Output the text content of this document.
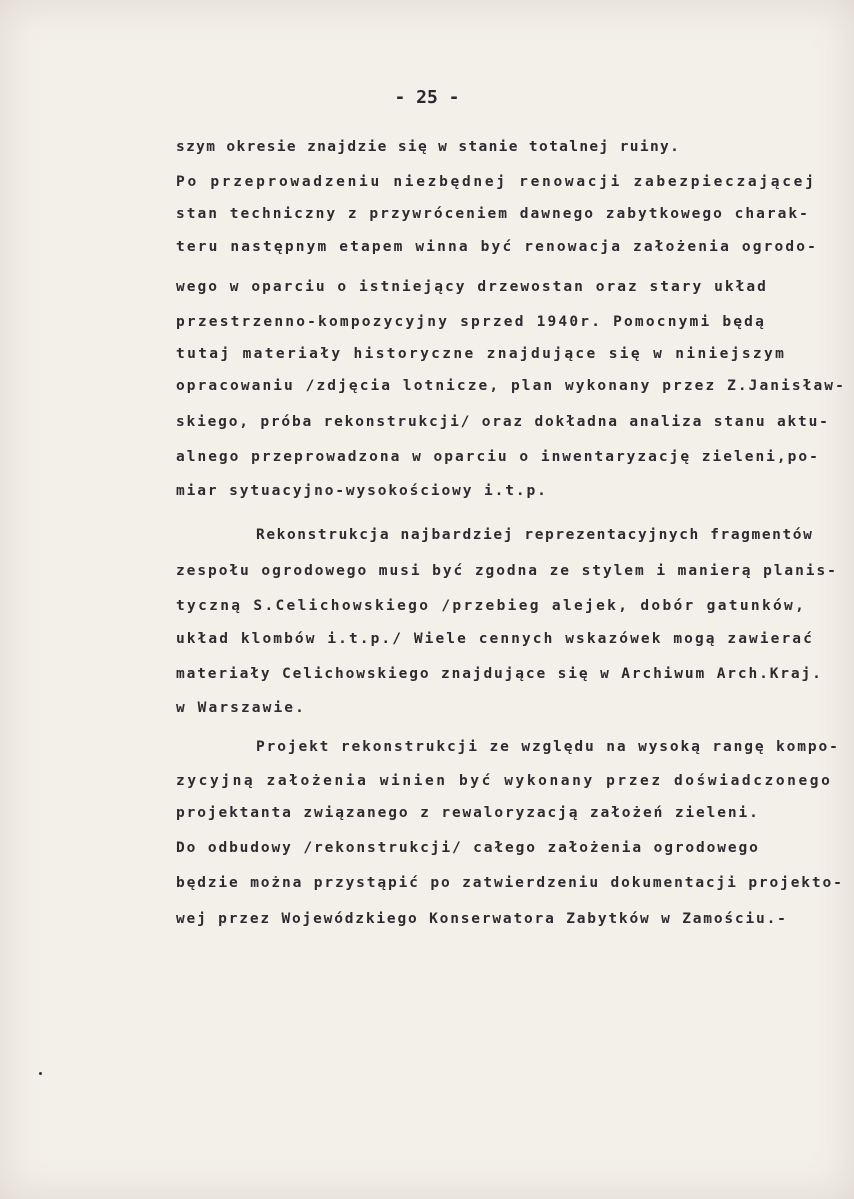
- 25 -
szym okresie znajdzie się w stanie totalnej ruiny.
Po przeprowadzeniu niezbędnej renowacji zabezpieczającej
stan techniczny z przywróceniem dawnego zabytkowego charak-
teru następnym etapem winna być renowacja założenia ogrodo-
wego w oparciu o istniejący drzewostan oraz stary układ
przestrzenno-kompozycyjny sprzed 1940r. Pomocnymi będą
tutaj materiały historyczne znajdujące się w niniejszym
opracowaniu /zdjęcia lotnicze, plan wykonany przez Z.Janisław-
skiego, próba rekonstrukcji/ oraz dokładna analiza stanu aktu-
alnego przeprowadzona w oparciu o inwentaryzację zieleni,po-
miar sytuacyjno-wysokościowy i.t.p.
Rekonstrukcja najbardziej reprezentacyjnych fragmentów
zespołu ogrodowego musi być zgodna ze stylem i manierą planis-
tyczną S.Celichowskiego /przebieg alejek, dobór gatunków,
układ klombów i.t.p./ Wiele cennych wskazówek mogą zawierać
materiały Celichowskiego znajdujące się w Archiwum Arch.Kraj.
w Warszawie.
Projekt rekonstrukcji ze względu na wysoką rangę kompo-
zycyjną założenia winien być wykonany przez doświadczonego
projektanta związanego z rewaloryzacją założeń zieleni.
Do odbudowy /rekonstrukcji/ całego założenia ogrodowego
będzie można przystąpić po zatwierdzeniu dokumentacji projekto-
wej przez Wojewódzkiego Konserwatora Zabytków w Zamościu.-
